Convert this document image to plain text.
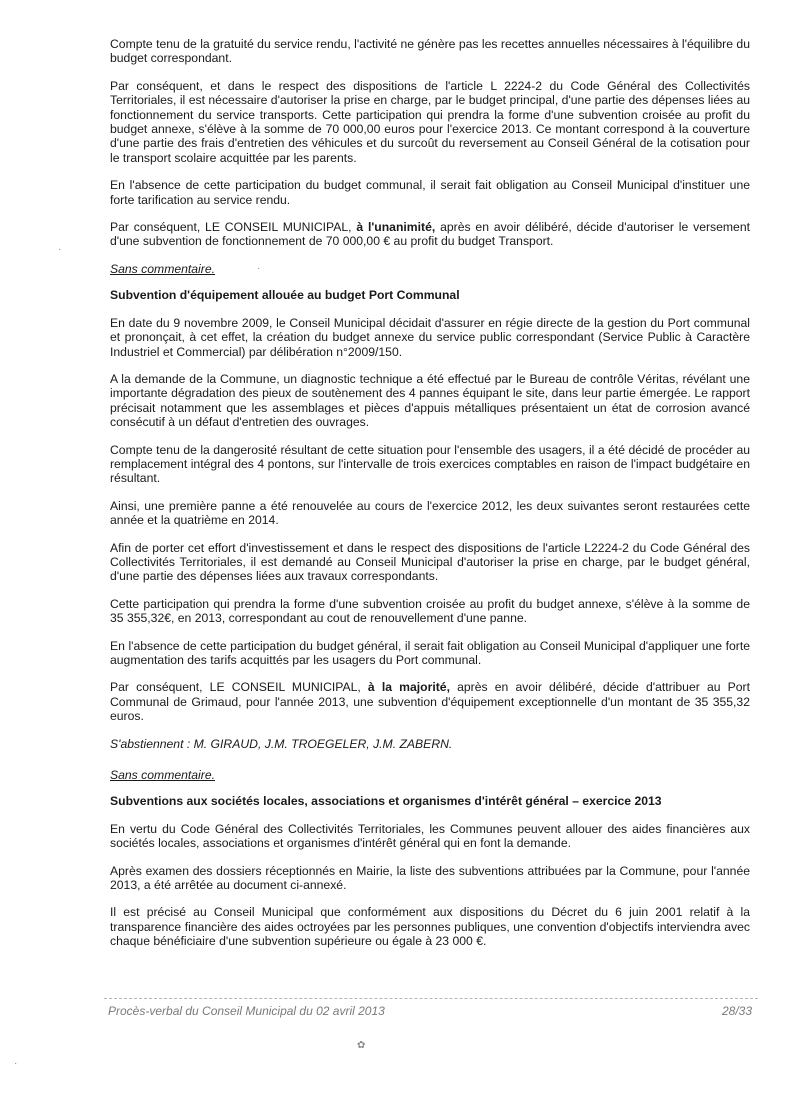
Compte tenu de la gratuité du service rendu, l'activité ne génère pas les recettes annuelles nécessaires à l'équilibre du budget correspondant.

Par conséquent, et dans le respect des dispositions de l'article L 2224-2 du Code Général des Collectivités Territoriales, il est nécessaire d'autoriser la prise en charge, par le budget principal, d'une partie des dépenses liées au fonctionnement du service transports. Cette participation qui prendra la forme d'une subvention croisée au profit du budget annexe, s'élève à la somme de 70 000,00 euros pour l'exercice 2013. Ce montant correspond à la couverture d'une partie des frais d'entretien des véhicules et du surcoût du reversement au Conseil Général de la cotisation pour le transport scolaire acquittée par les parents.

En l'absence de cette participation du budget communal, il serait fait obligation au Conseil Municipal d'instituer une forte tarification au service rendu.

Par conséquent, LE CONSEIL MUNICIPAL, à l'unanimité, après en avoir délibéré, décide d'autoriser le versement d'une subvention de fonctionnement de 70 000,00 € au profit du budget Transport.

Sans commentaire.

Subvention d'équipement allouée au budget Port Communal

En date du 9 novembre 2009, le Conseil Municipal décidait d'assurer en régie directe de la gestion du Port communal et prononçait, à cet effet, la création du budget annexe du service public correspondant (Service Public à Caractère Industriel et Commercial) par délibération n°2009/150.

A la demande de la Commune, un diagnostic technique a été effectué par le Bureau de contrôle Véritas, révélant une importante dégradation des pieux de soutènement des 4 pannes équipant le site, dans leur partie émergée. Le rapport précisait notamment que les assemblages et pièces d'appuis métalliques présentaient un état de corrosion avancé consécutif à un défaut d'entretien des ouvrages.

Compte tenu de la dangerosité résultant de cette situation pour l'ensemble des usagers, il a été décidé de procéder au remplacement intégral des 4 pontons, sur l'intervalle de trois exercices comptables en raison de l'impact budgétaire en résultant.

Ainsi, une première panne a été renouvelée au cours de l'exercice 2012, les deux suivantes seront restaurées cette année et la quatrième en 2014.

Afin de porter cet effort d'investissement et dans le respect des dispositions de l'article L2224-2 du Code Général des Collectivités Territoriales, il est demandé au Conseil Municipal d'autoriser la prise en charge, par le budget général, d'une partie des dépenses liées aux travaux correspondants.

Cette participation qui prendra la forme d'une subvention croisée au profit du budget annexe, s'élève à la somme de 35 355,32€, en 2013, correspondant au cout de renouvellement d'une panne.

En l'absence de cette participation du budget général, il serait fait obligation au Conseil Municipal d'appliquer une forte augmentation des tarifs acquittés par les usagers du Port communal.

Par conséquent, LE CONSEIL MUNICIPAL, à la majorité, après en avoir délibéré, décide d'attribuer au Port Communal de Grimaud, pour l'année 2013, une subvention d'équipement exceptionnelle d'un montant de 35 355,32 euros.

S'abstiennent : M. GIRAUD, J.M. TROEGELER, J.M. ZABERN.

Sans commentaire.

Subventions aux sociétés locales, associations et organismes d'intérêt général – exercice 2013

En vertu du Code Général des Collectivités Territoriales, les Communes peuvent allouer des aides financières aux sociétés locales, associations et organismes d'intérêt général qui en font la demande.

Après examen des dossiers réceptionnés en Mairie, la liste des subventions attribuées par la Commune, pour l'année 2013, a été arrêtée au document ci-annexé.

Il est précisé au Conseil Municipal que conformément aux dispositions du Décret du 6 juin 2001 relatif à la transparence financière des aides octroyées par les personnes publiques, une convention d'objectifs interviendra avec chaque bénéficiaire d'une subvention supérieure ou égale à 23 000 €.

Procès-verbal du Conseil Municipal du 02 avril 2013	28/33
·
·
✿
·
